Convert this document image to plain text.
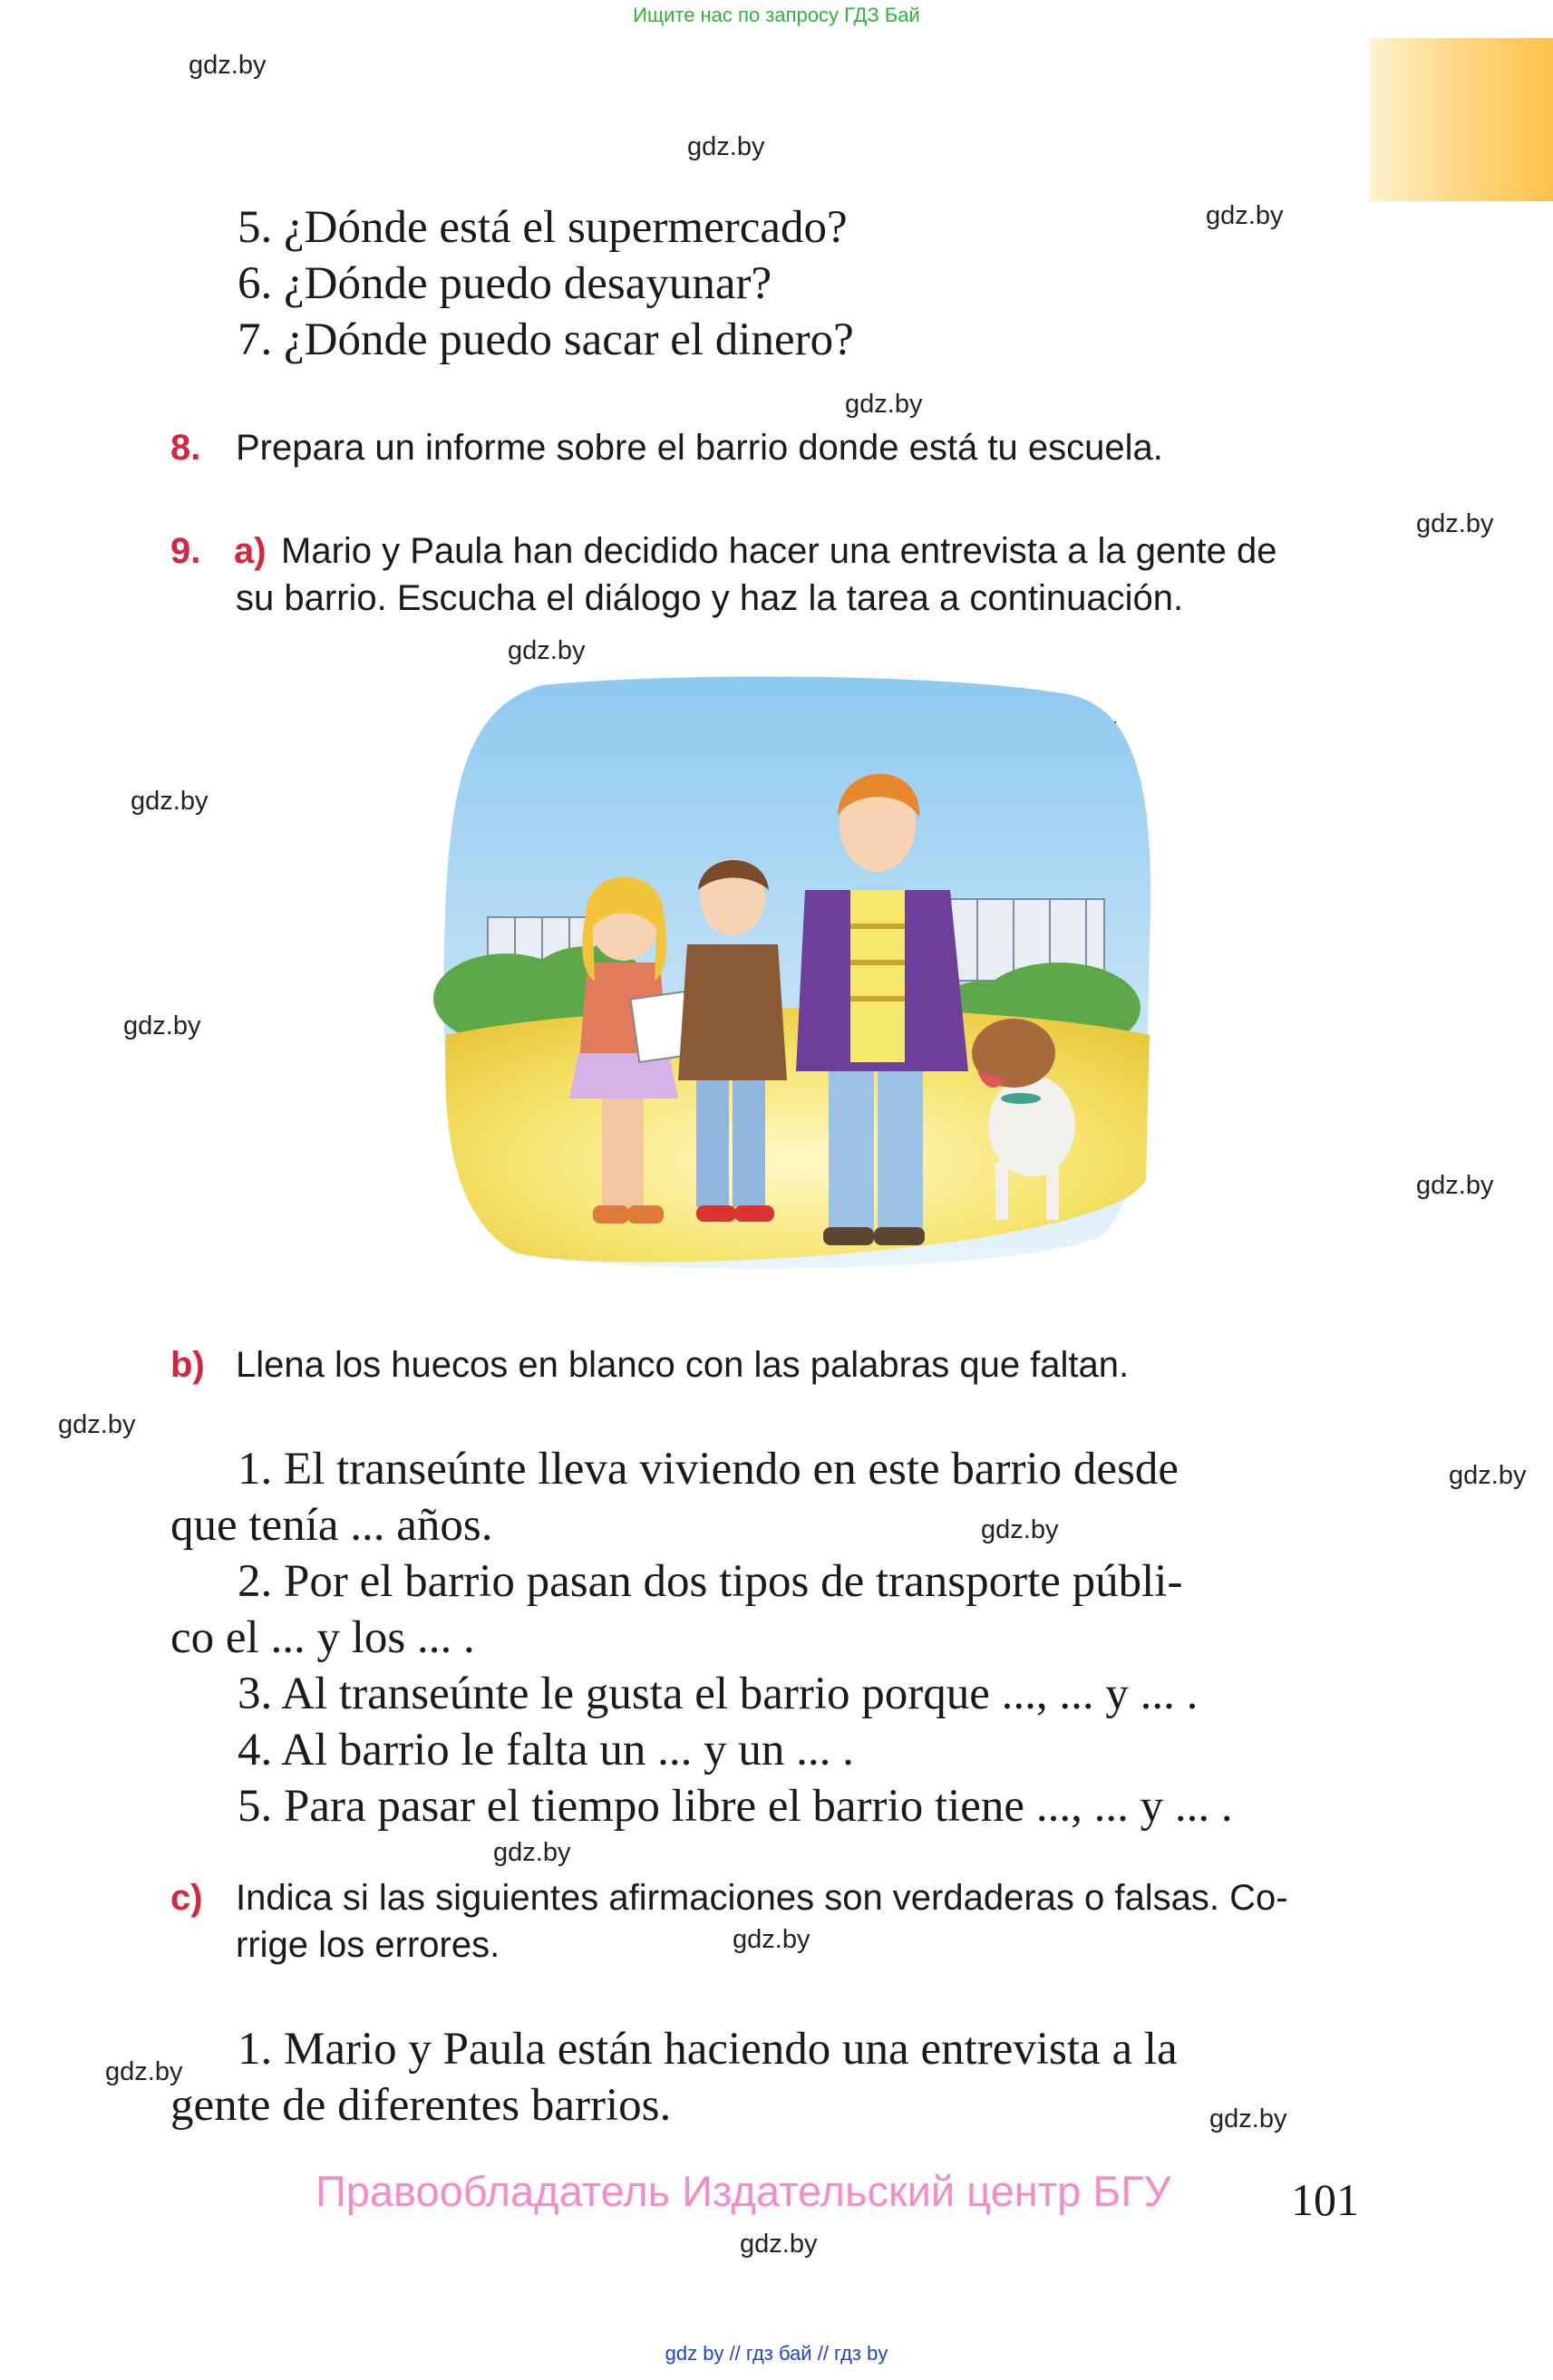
Ищите нас по запросу ГДЗ Бай
gdz.by
gdz.by
gdz.by
gdz.by
gdz.by
gdz.by
gdz.by
gdz.by
gdz.by
gdz.by
gdz.by
gdz.by
gdz.by
gdz.by
gdz.by
gdz.by
gdz.by
5. ¿Dónde está el supermercado?
6. ¿Dónde puedo desayunar?
7. ¿Dónde puedo sacar el dinero?
8. Prepara un informe sobre el barrio donde está tu escuela.
9. a) Mario y Paula han decidido hacer una entrevista a la gente de
su barrio. Escucha el diálogo y haz la tarea a continuación.
b) Llena los huecos en blanco con las palabras que faltan.
1. El transeúnte lleva viviendo en este barrio desde
que tenía ... años.
2. Por el barrio pasan dos tipos de transporte públi-
co el ... y los ... .
3. Al transeúnte le gusta el barrio porque ..., ... y ... .
4. Al barrio le falta un ... y un ... .
5. Para pasar el tiempo libre el barrio tiene ..., ... y ... .
c) Indica si las siguientes afirmaciones son verdaderas o falsas. Co-
rrige los errores.
1. Mario y Paula están haciendo una entrevista a la
gente de diferentes barrios.
Правообладатель Издательский центр БГУ	101
gdz by // гдз бай // гдз by
